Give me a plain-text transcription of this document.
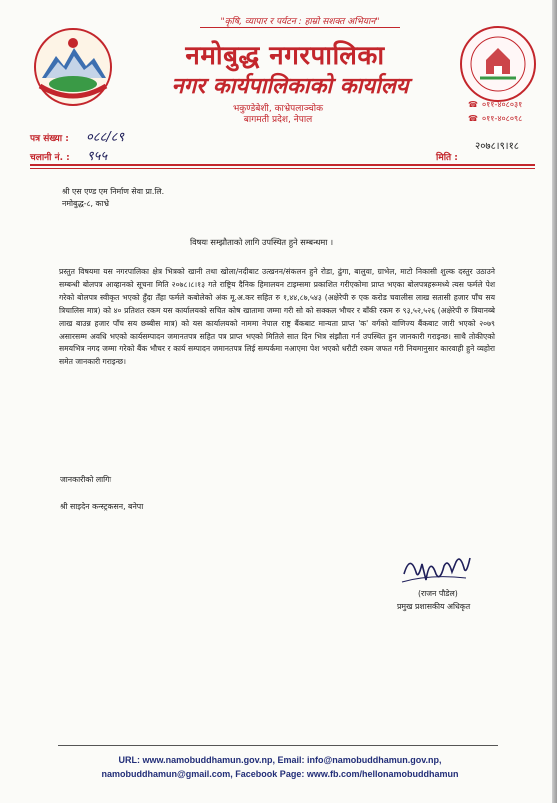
"कृषि, व्यापार र पर्यटन : हाम्रो सशक्त अभियान"
नमोबुद्ध नगरपालिका
नगर कार्यपालिकाको कार्यालय
भकुण्डेबेशी, काभ्रेपलाञ्चोक
बागमती प्रदेश, नेपाल
☎ ०११-४०८०३१
☎ ०११-४०८०९८
पत्र संख्या : ०८८/८९
चलानी नं. : ९५५
२०७८।९।१८
मिति :
श्री एस एण्ड एम निर्माण सेवा प्रा.लि.
नमोबुद्ध-८, काभ्रे
विषयः सम्झौताको लागि उपस्थित हुने सम्बन्धमा ।
प्रस्तुत विषयमा यस नगरपालिका क्षेत्र भित्रको खानी तथा खोला/नदीबाट उत्खनन/संकलन हुने रोडा, ढुंगा, बालुवा, ग्राभेल, माटो निकासी शुल्क दस्तुर उठाउने सम्बन्धी बोलपत्र आव्हानको सूचना मिति २०७८।८।१३ गते राष्ट्रिय दैनिक हिमालयन टाइम्समा प्रकाशित गरीएकोमा प्राप्त भएका बोलपत्रहरूमध्ये त्यस फर्मले पेश गरेको बोलपत्र स्वीकृत भएको हुँदा तँहा फर्मले कबोलेको अंक मू.अ.कर सहित रु १,४४,८७,५४३ (अक्षेरेपी रु एक करोड चवालीस लाख सतासी हजार पाँच सय त्रिचालिस मात्र) को ४० प्रतिशत रकम यस कार्यालयको सचित कोष खातामा जम्मा गरी सो को सक्कल भौचर र बाँकी रकम रु ९३,५२,५२६ (अक्षेरेपी रु त्रियानब्बे लाख बाउन्न हजार पाँच सय छब्बीस मात्र) को यस कार्यालयको नाममा नेपाल राष्ट्र बैंकबाट मान्यता प्राप्त 'क' वर्गको वाणिज्य बैंकबाट जारी भएको २०७९ असारसम्म अवधि भएको कार्यसम्पादन जमानतपत्र सहित पत्र प्राप्त भएको मितिले सात दिन भित्र संझौता गर्न उपस्थित हुन जानकारी गराइन्छ। साथै तोकीएको समयभित्र नगद जम्मा गरेको बैंक भौचर र कार्य सम्पादन जमानतपत्र लिई सम्पर्कमा नआएमा पेश भएको धरौटी रकम जफत गरी नियमानुसार कारवाही हुने व्यहोरा समेत जानकारी गराइन्छ।
जानकारीको लागिः
श्री साइदेन कन्स्ट्रकसन, बनेपा
(राजन पौडेल)
प्रमुख प्रशासकीय अधिकृत
URL: www.namobuddhamun.gov.np, Email: info@namobuddhamun.gov.np,
namobuddhamun@gmail.com, Facebook Page: www.fb.com/hellonamobuddhamun
